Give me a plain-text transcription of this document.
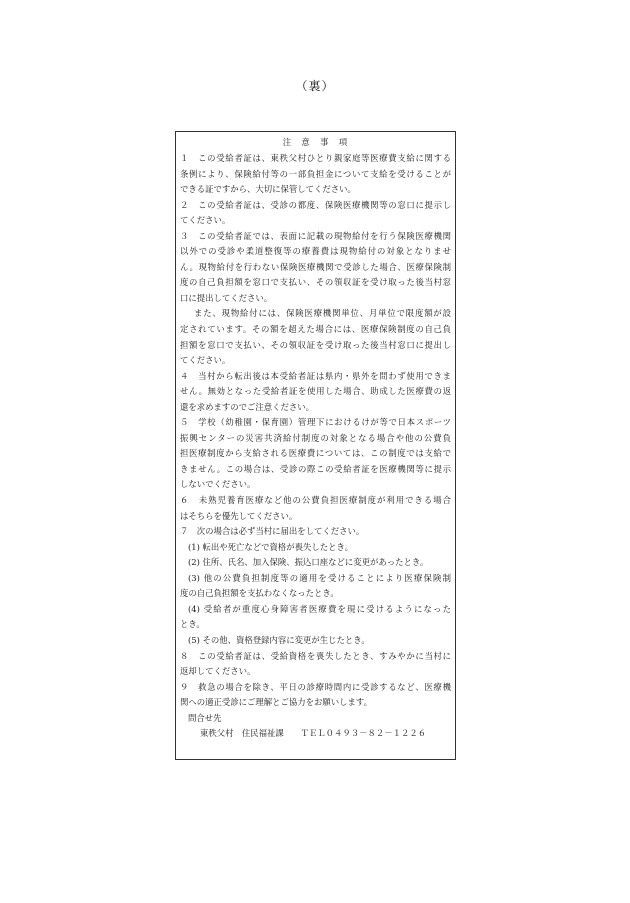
（裏）
注　意　事　項
１　この受給者証は、東秩父村ひとり親家庭等医療費支給に関する
条例により、保険給付等の一部負担金について支給を受けることが
できる証ですから、大切に保管してください。
２　この受給者証は、受診の都度、保険医療機関等の窓口に提示し
てください。
３　この受給者証では、表面に記載の現物給付を行う保険医療機関
以外での受診や柔道整復等の療養費は現物給付の対象となりませ
ん。現物給付を行わない保険医療機関で受診した場合、医療保険制
度の自己負担額を窓口で支払い、その領収証を受け取った後当村窓
口に提出してください。
また、現物給付には、保険医療機関単位、月単位で限度額が設
定されています。その額を超えた場合には、医療保険制度の自己負
担額を窓口で支払い、その領収証を受け取った後当村窓口に提出し
てください。
４　当村から転出後は本受給者証は県内・県外を問わず使用できま
せん。無効となった受給者証を使用した場合、助成した医療費の返
還を求めますのでご注意ください。
５　学校（幼稚園・保育園）管理下におけるけが等で日本スポーツ
振興センターの災害共済給付制度の対象となる場合や他の公費負
担医療制度から支給される医療費については、この制度では支給で
きません。この場合は、受診の際この受給者証を医療機関等に提示
しないでください。
６　未熟児養育医療など他の公費負担医療制度が利用できる場合
はそちらを優先してください。
７　次の場合は必ず当村に届出をしてください。
(1) 転出や死亡などで資格が喪失したとき。
(2) 住所、氏名、加入保険、振込口座などに変更があったとき。
(3) 他の公費負担制度等の適用を受けることにより医療保険制
度の自己負担額を支払わなくなったとき。
(4) 受給者が重度心身障害者医療費を現に受けるようになった
とき。
(5) その他、資格登録内容に変更が生じたとき。
８　この受給者証は、受給資格を喪失したとき、すみやかに当村に
返却してください。
９　救急の場合を除き、平日の診療時間内に受診するなど、医療機
関への適正受診にご理解とご協力をお願いします。
問合せ先
東秩父村　住民福祉課　　ＴＥＬ０４９３－８２－１２２６
